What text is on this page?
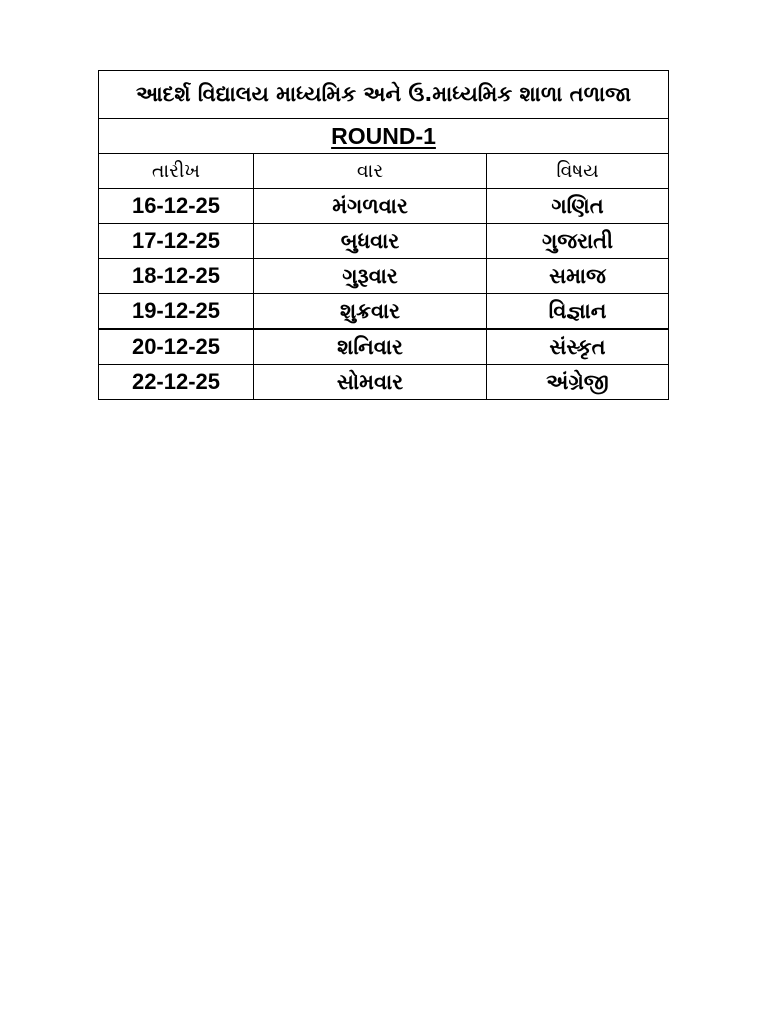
આદર્શ વિદ્યાલય માધ્યમિક અને ઉ.માધ્યમિક શાળા તળાજા		
ROUND-1		
તારીખ	વાર	વિષય
16-12-25	મંગળવાર	ગણિત
17-12-25	બુધવાર	ગુજરાતી
18-12-25	ગુરૂવાર	સમાજ
19-12-25	શુક્રવાર	વિજ્ઞાન
20-12-25	શનિવાર	સંસ્કૃત
22-12-25	સોમવાર	અંગ્રેજી
